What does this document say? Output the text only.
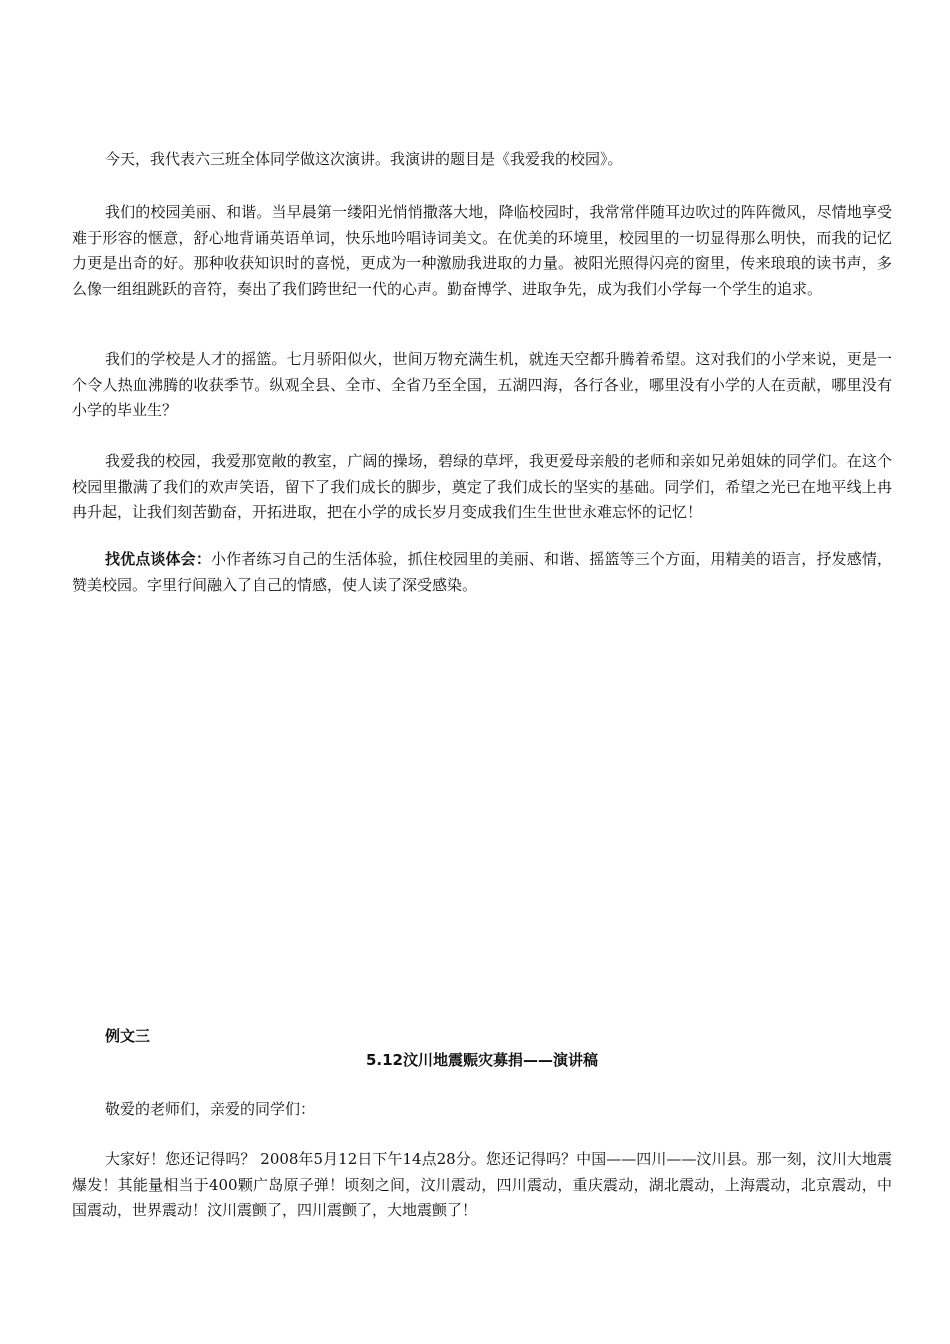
今天，我代表六三班全体同学做这次演讲。我演讲的题目是《我爱我的校园》。

我们的校园美丽、和谐。当早晨第一缕阳光悄悄撒落大地，降临校园时，我常常伴随耳边吹过的阵阵微风，尽情地享受难于形容的惬意，舒心地背诵英语单词，快乐地吟唱诗词美文。在优美的环境里，校园里的一切显得那么明快，而我的记忆力更是出奇的好。那种收获知识时的喜悦，更成为一种激励我进取的力量。被阳光照得闪亮的窗里，传来琅琅的读书声，多么像一组组跳跃的音符，奏出了我们跨世纪一代的心声。勤奋博学、进取争先，成为我们小学每一个学生的追求。

我们的学校是人才的摇篮。七月骄阳似火，世间万物充满生机，就连天空都升腾着希望。这对我们的小学来说，更是一个令人热血沸腾的收获季节。纵观全县、全市、全省乃至全国，五湖四海，各行各业，哪里没有小学的人在贡献，哪里没有小学的毕业生？

我爱我的校园，我爱那宽敞的教室，广阔的操场，碧绿的草坪，我更爱母亲般的老师和亲如兄弟姐妹的同学们。在这个校园里撒满了我们的欢声笑语，留下了我们成长的脚步，奠定了我们成长的坚实的基础。同学们，希望之光已在地平线上冉冉升起，让我们刻苦勤奋，开拓进取，把在小学的成长岁月变成我们生生世世永难忘怀的记忆！

找优点谈体会：小作者练习自己的生活体验，抓住校园里的美丽、和谐、摇篮等三个方面，用精美的语言，抒发感情，赞美校园。字里行间融入了自己的情感，使人读了深受感染。

例文三

5.12汶川地震赈灾募捐——演讲稿

敬爱的老师们，亲爱的同学们：

大家好！您还记得吗？ 2008年5月12日下午14点28分。您还记得吗？中国——四川——汶川县。那一刻，汶川大地震爆发！其能量相当于400颗广岛原子弹！顷刻之间，汶川震动，四川震动，重庆震动，湖北震动，上海震动，北京震动，中国震动，世界震动！汶川震颤了，四川震颤了，大地震颤了！
